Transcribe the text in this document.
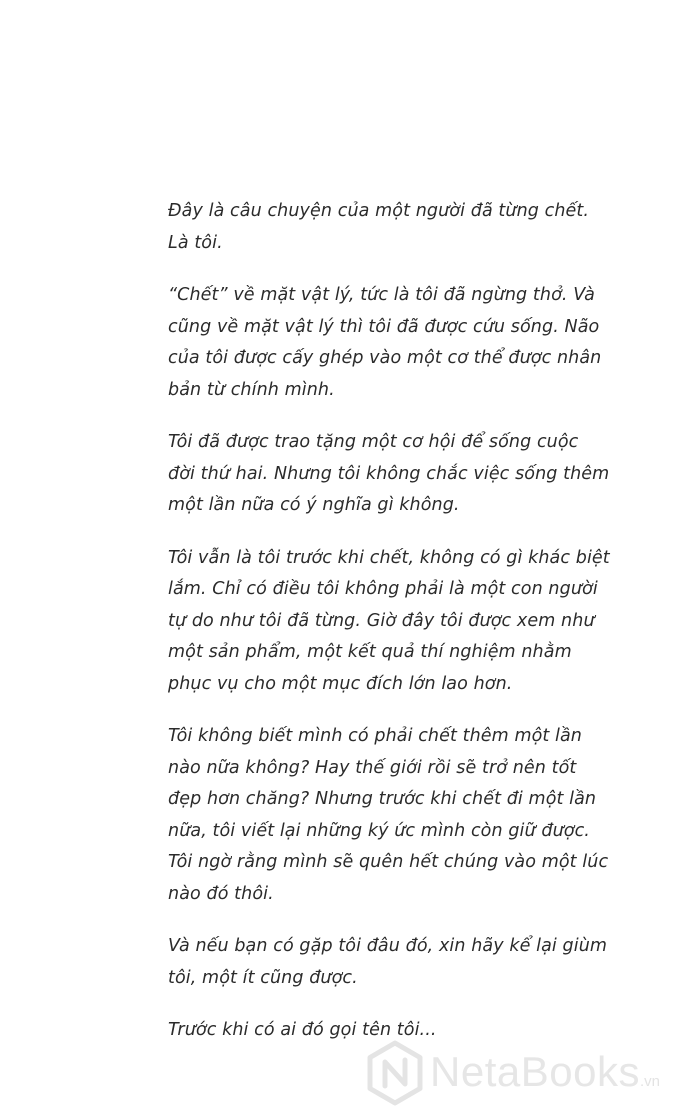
Đây là câu chuyện của một người đã từng chết.
Là tôi.

“Chết” về mặt vật lý, tức là tôi đã ngừng thở. Và
cũng về mặt vật lý thì tôi đã được cứu sống. Não
của tôi được cấy ghép vào một cơ thể được nhân
bản từ chính mình.

Tôi đã được trao tặng một cơ hội để sống cuộc
đời thứ hai. Nhưng tôi không chắc việc sống thêm
một lần nữa có ý nghĩa gì không.

Tôi vẫn là tôi trước khi chết, không có gì khác biệt
lắm. Chỉ có điều tôi không phải là một con người
tự do như tôi đã từng. Giờ đây tôi được xem như
một sản phẩm, một kết quả thí nghiệm nhằm
phục vụ cho một mục đích lớn lao hơn.

Tôi không biết mình có phải chết thêm một lần
nào nữa không? Hay thế giới rồi sẽ trở nên tốt
đẹp hơn chăng? Nhưng trước khi chết đi một lần
nữa, tôi viết lại những ký ức mình còn giữ được.
Tôi ngờ rằng mình sẽ quên hết chúng vào một lúc
nào đó thôi.

Và nếu bạn có gặp tôi đâu đó, xin hãy kể lại giùm
tôi, một ít cũng được.

Trước khi có ai đó gọi tên tôi...

NetaBooks.vn
